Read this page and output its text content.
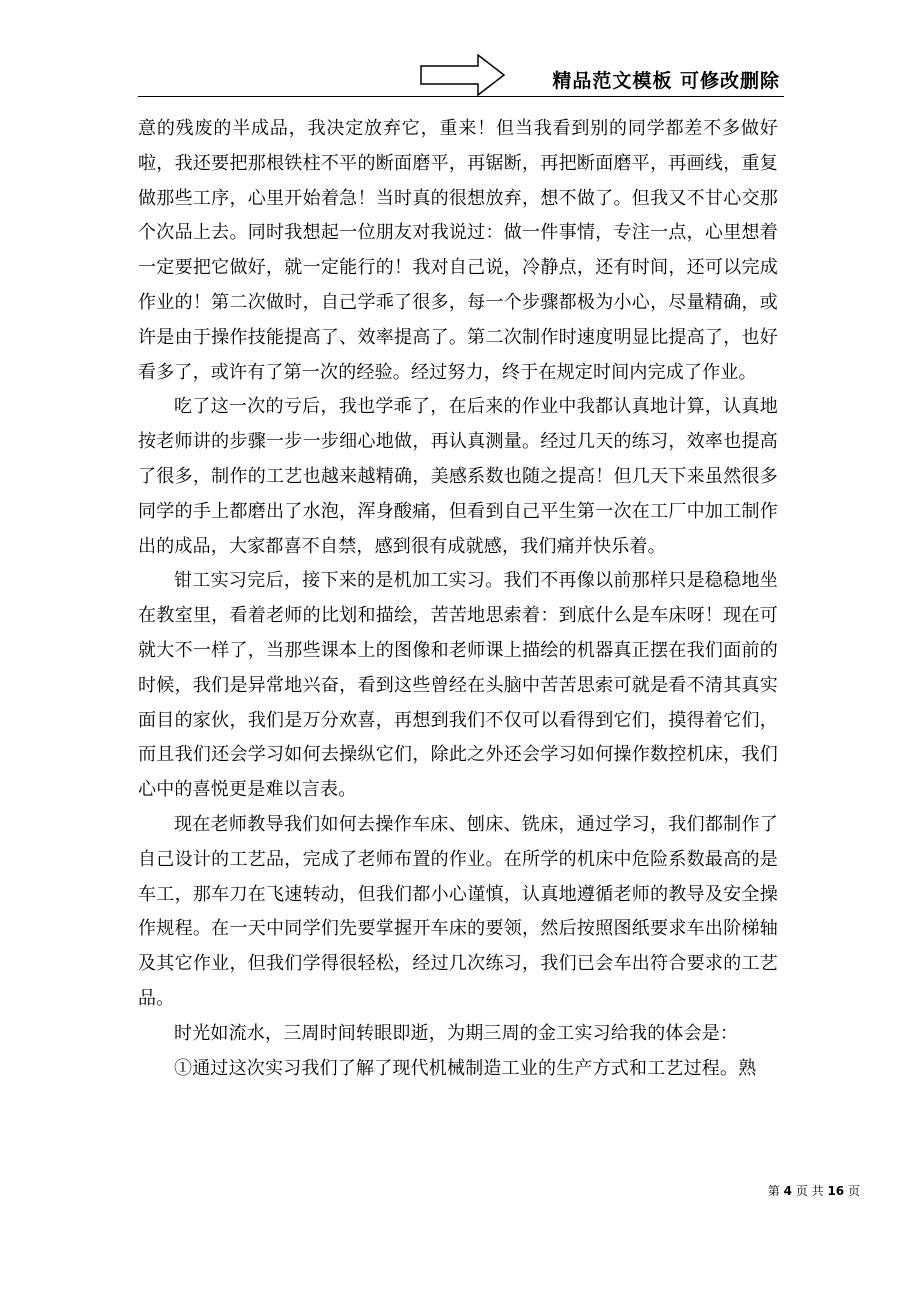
精品范文模板 可修改删除

意的残废的半成品，我决定放弃它，重来！但当我看到别的同学都差不多做好啦，我还要把那根铁柱不平的断面磨平，再锯断，再把断面磨平，再画线，重复做那些工序，心里开始着急！当时真的很想放弃，想不做了。但我又不甘心交那个次品上去。同时我想起一位朋友对我说过：做一件事情，专注一点，心里想着一定要把它做好，就一定能行的！我对自己说，冷静点，还有时间，还可以完成作业的！第二次做时，自己学乖了很多，每一个步骤都极为小心，尽量精确，或许是由于操作技能提高了、效率提高了。第二次制作时速度明显比提高了，也好看多了，或许有了第一次的经验。经过努力，终于在规定时间内完成了作业。

吃了这一次的亏后，我也学乖了，在后来的作业中我都认真地计算，认真地按老师讲的步骤一步一步细心地做，再认真测量。经过几天的练习，效率也提高了很多，制作的工艺也越来越精确，美感系数也随之提高！但几天下来虽然很多同学的手上都磨出了水泡，浑身酸痛，但看到自己平生第一次在工厂中加工制作出的成品，大家都喜不自禁，感到很有成就感，我们痛并快乐着。

钳工实习完后，接下来的是机加工实习。我们不再像以前那样只是稳稳地坐在教室里，看着老师的比划和描绘，苦苦地思索着：到底什么是车床呀！现在可就大不一样了，当那些课本上的图像和老师课上描绘的机器真正摆在我们面前的时候，我们是异常地兴奋，看到这些曾经在头脑中苦苦思索可就是看不清其真实面目的家伙，我们是万分欢喜，再想到我们不仅可以看得到它们，摸得着它们，而且我们还会学习如何去操纵它们，除此之外还会学习如何操作数控机床，我们心中的喜悦更是难以言表。

现在老师教导我们如何去操作车床、刨床、铣床，通过学习，我们都制作了自己设计的工艺品，完成了老师布置的作业。在所学的机床中危险系数最高的是车工，那车刀在飞速转动，但我们都小心谨慎，认真地遵循老师的教导及安全操作规程。在一天中同学们先要掌握开车床的要领，然后按照图纸要求车出阶梯轴及其它作业，但我们学得很轻松，经过几次练习，我们已会车出符合要求的工艺品。

时光如流水，三周时间转眼即逝，为期三周的金工实习给我的体会是：

①通过这次实习我们了解了现代机械制造工业的生产方式和工艺过程。熟

第 4 页 共 16 页
